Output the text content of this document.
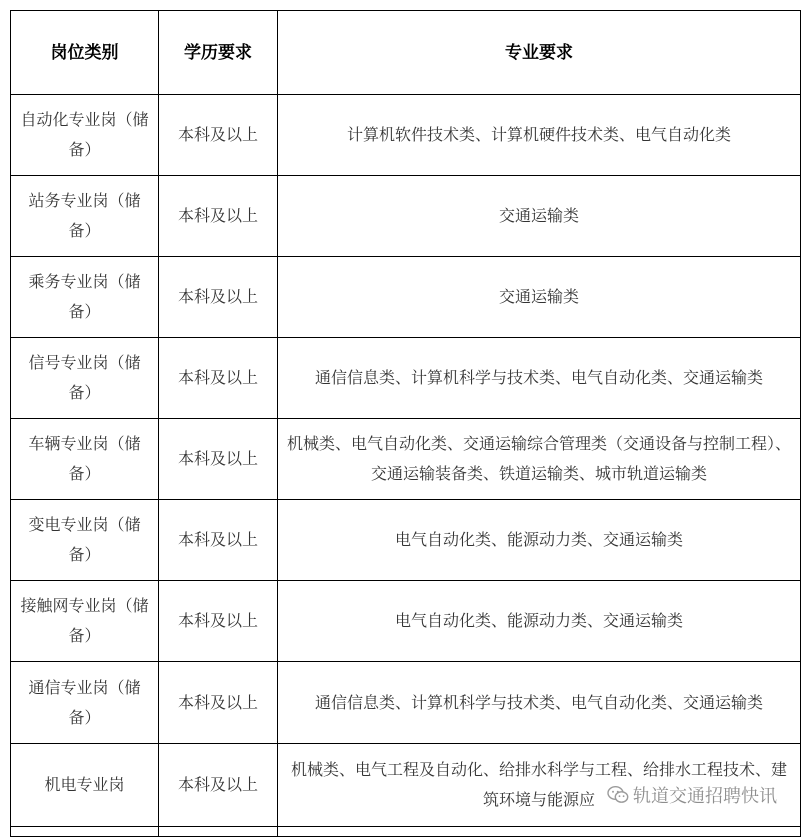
岗位类别	学历要求	专业要求
自动化专业岗（储备）	本科及以上	计算机软件技术类、计算机硬件技术类、电气自动化类
站务专业岗（储备）	本科及以上	交通运输类
乘务专业岗（储备）	本科及以上	交通运输类
信号专业岗（储备）	本科及以上	通信信息类、计算机科学与技术类、电气自动化类、交通运输类
车辆专业岗（储备）	本科及以上	机械类、电气自动化类、交通运输综合管理类（交通设备与控制工程）、交通运输装备类、铁道运输类、城市轨道运输类
变电专业岗（储备）	本科及以上	电气自动化类、能源动力类、交通运输类
接触网专业岗（储备）	本科及以上	电气自动化类、能源动力类、交通运输类
通信专业岗（储备）	本科及以上	通信信息类、计算机科学与技术类、电气自动化类、交通运输类
机电专业岗	本科及以上	机械类、电气工程及自动化、给排水科学与工程、给排水工程技术、建筑环境与能源应
		轨道交通招聘快讯
